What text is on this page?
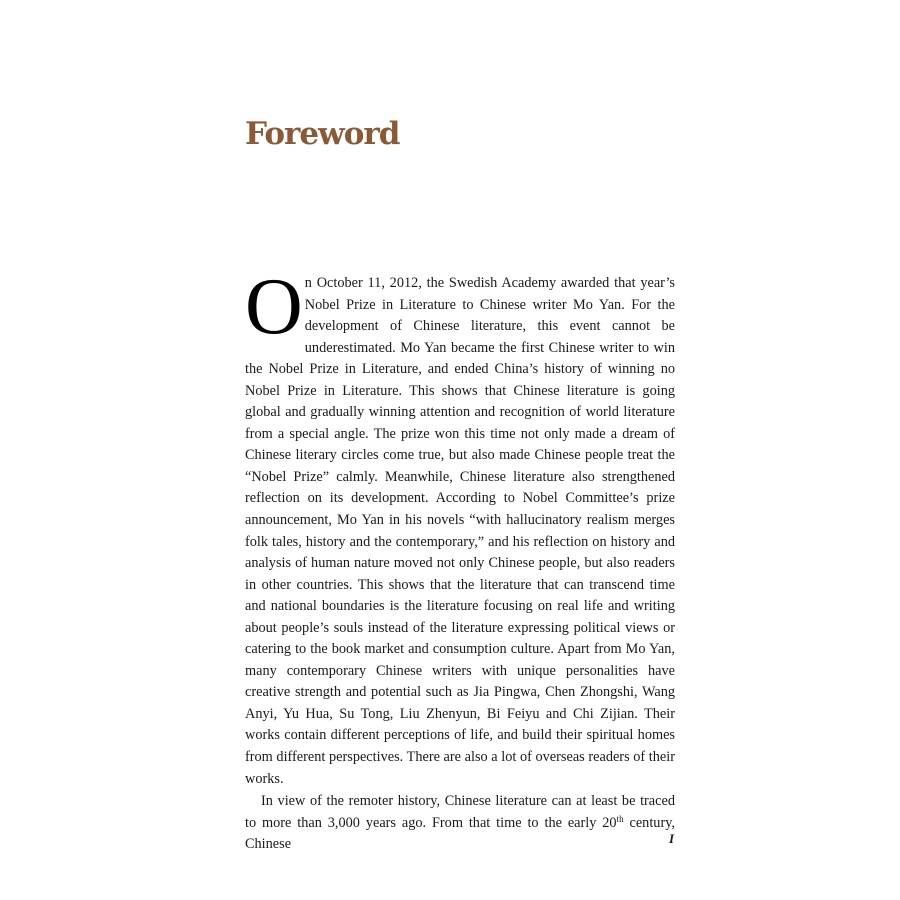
Foreword

On October 11, 2012, the Swedish Academy awarded that year’s Nobel Prize in Literature to Chinese writer Mo Yan. For the development of Chinese literature, this event cannot be underestimated. Mo Yan became the first Chinese writer to win the Nobel Prize in Literature, and ended China’s history of winning no Nobel Prize in Literature. This shows that Chinese literature is going global and gradually winning attention and recognition of world literature from a special angle. The prize won this time not only made a dream of Chinese literary circles come true, but also made Chinese people treat the “Nobel Prize” calmly. Meanwhile, Chinese literature also strengthened reflection on its development. According to Nobel Committee’s prize announcement, Mo Yan in his novels “with hallucinatory realism merges folk tales, history and the contemporary,” and his reflection on history and analysis of human nature moved not only Chinese people, but also readers in other countries. This shows that the literature that can transcend time and national boundaries is the literature focusing on real life and writing about people’s souls instead of the literature expressing political views or catering to the book market and consumption culture. Apart from Mo Yan, many contemporary Chinese writers with unique personalities have creative strength and potential such as Jia Pingwa, Chen Zhongshi, Wang Anyi, Yu Hua, Su Tong, Liu Zhenyun, Bi Feiyu and Chi Zijian. Their works contain different perceptions of life, and build their spiritual homes from different perspectives. There are also a lot of overseas readers of their works.

In view of the remoter history, Chinese literature can at least be traced to more than 3,000 years ago. From that time to the early 20th century, Chinese	I
